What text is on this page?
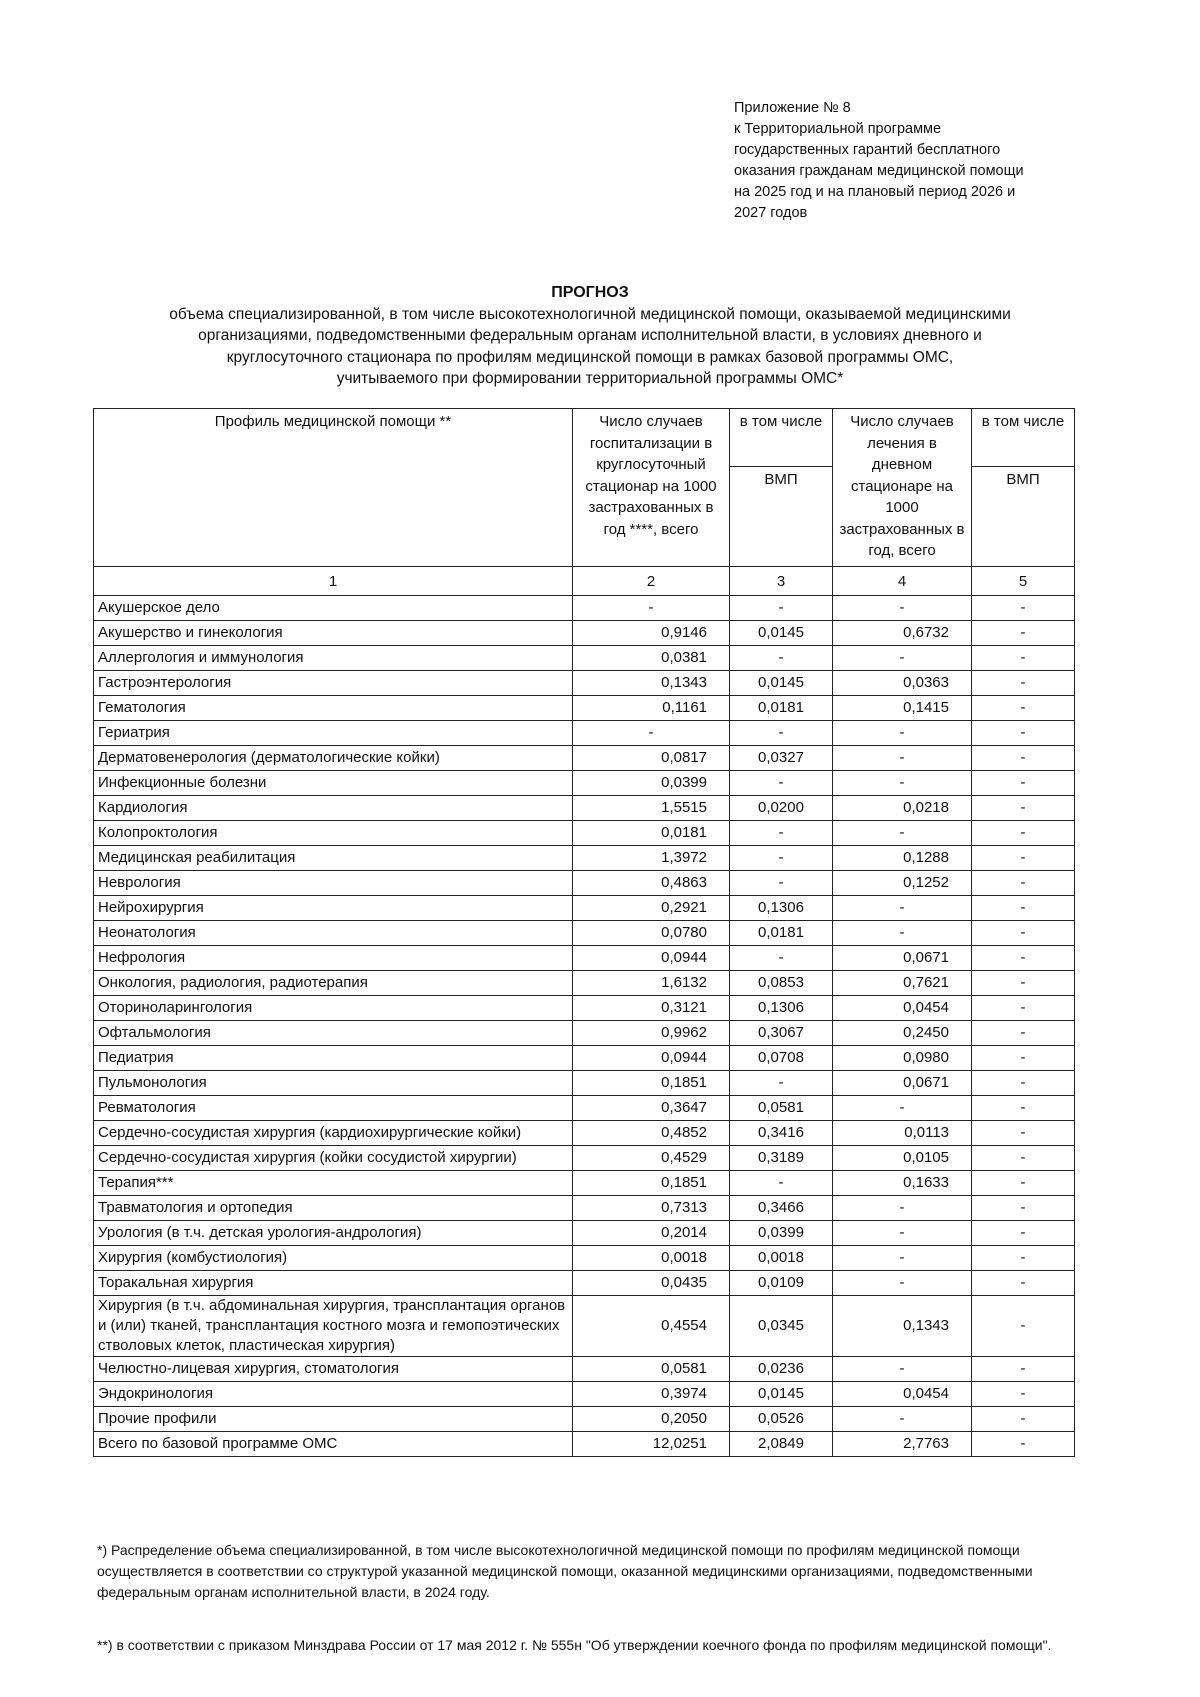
Приложение № 8
к Территориальной программе
государственных гарантий бесплатного
оказания гражданам медицинской помощи
на 2025 год и на плановый период 2026 и
2027 годов
ПРОГНОЗ
объема специализированной, в том числе высокотехнологичной медицинской помощи, оказываемой медицинскими
организациями, подведомственными федеральным органам исполнительной власти, в условиях дневного и
круглосуточного стационара по профилям медицинской помощи в рамках базовой программы ОМС,
учитываемого при формировании территориальной программы ОМС*
Профиль медицинской помощи **	Число случаев госпитализации в круглосуточный стационар на 1000 застрахованных в год ****, всего	в том числе	Число случаев лечения в дневном стационаре на 1000 застрахованных в год, всего	в том числе
		ВМП		ВМП
1	2	3	4	5
Акушерское дело	-	-	-	-
Акушерство и гинекология	0,9146	0,0145	0,6732	-
Аллергология и иммунология	0,0381	-	-	-
Гастроэнтерология	0,1343	0,0145	0,0363	-
Гематология	0,1161	0,0181	0,1415	-
Гериатрия	-	-	-	-
Дерматовенерология (дерматологические койки)	0,0817	0,0327	-	-
Инфекционные болезни	0,0399	-	-	-
Кардиология	1,5515	0,0200	0,0218	-
Колопроктология	0,0181	-	-	-
Медицинская реабилитация	1,3972	-	0,1288	-
Неврология	0,4863	-	0,1252	-
Нейрохирургия	0,2921	0,1306	-	-
Неонатология	0,0780	0,0181	-	-
Нефрология	0,0944	-	0,0671	-
Онкология, радиология, радиотерапия	1,6132	0,0853	0,7621	-
Оториноларингология	0,3121	0,1306	0,0454	-
Офтальмология	0,9962	0,3067	0,2450	-
Педиатрия	0,0944	0,0708	0,0980	-
Пульмонология	0,1851	-	0,0671	-
Ревматология	0,3647	0,0581	-	-
Сердечно-сосудистая хирургия (кардиохирургические койки)	0,4852	0,3416	0,0113	-
Сердечно-сосудистая хирургия (койки сосудистой хирургии)	0,4529	0,3189	0,0105	-
Терапия***	0,1851	-	0,1633	-
Травматология и ортопедия	0,7313	0,3466	-	-
Урология (в т.ч. детская урология-андрология)	0,2014	0,0399	-	-
Хирургия (комбустиология)	0,0018	0,0018	-	-
Торакальная хирургия	0,0435	0,0109	-	-
Хирургия (в т.ч. абдоминальная хирургия, трансплантация органов и (или) тканей, трансплантация костного мозга и гемопоэтических стволовых клеток, пластическая хирургия)	0,4554	0,0345	0,1343	-
Челюстно-лицевая хирургия, стоматология	0,0581	0,0236	-	-
Эндокринология	0,3974	0,0145	0,0454	-
Прочие профили	0,2050	0,0526	-	-
Всего по базовой программе ОМС	12,0251	2,0849	2,7763	-
*) Распределение объема специализированной, в том числе высокотехнологичной медицинской помощи по профилям медицинской помощи осуществляется в соответствии со структурой указанной медицинской помощи, оказанной медицинскими организациями, подведомственными федеральным органам исполнительной власти, в 2024 году.
**) в соответствии с приказом Минздрава России от 17 мая 2012 г. № 555н "Об утверждении коечного фонда по профилям медицинской помощи".
